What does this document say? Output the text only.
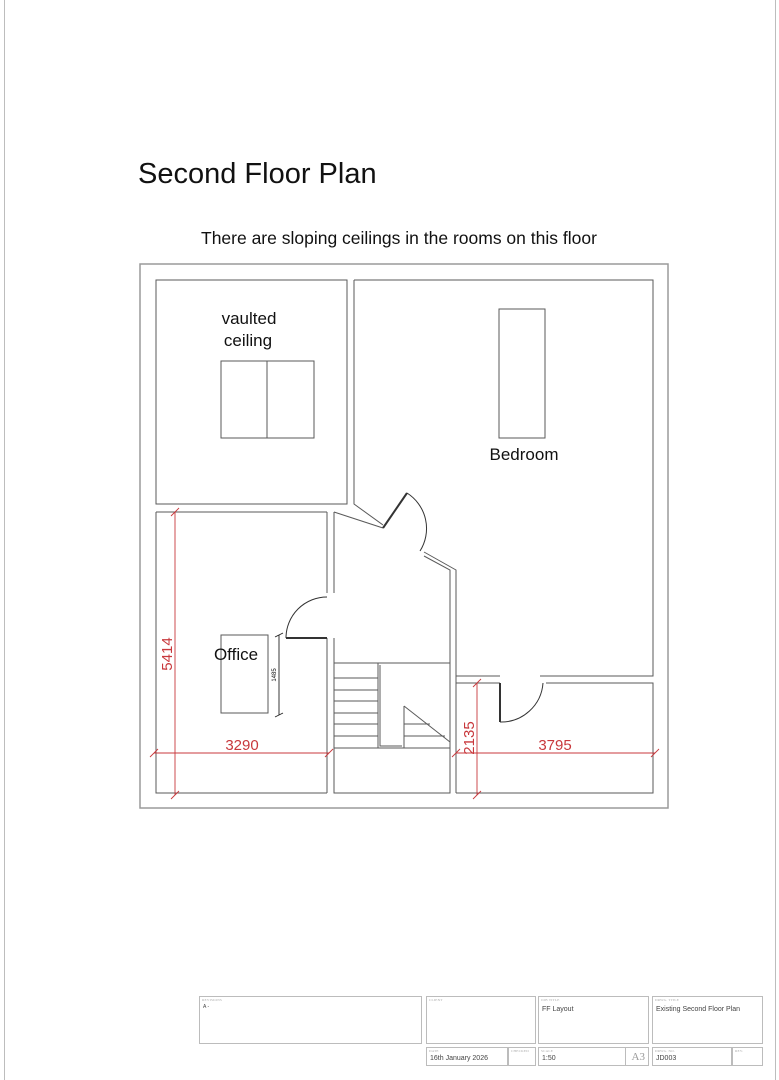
Second Floor Plan
There are sloping ceilings in the rooms on this floor
vaulted
ceiling
Bedroom
Office
5414
3290
1485
2135	3795
REVISIONS
A -
CLIENT	JOB TITLE
FF Layout
DRWG. TITLE
Existing Second Floor Plan
DATE
16th January 2026
CHECKED	SCALE
1:50	A3	DRWG. NO.
JD003
REV.
